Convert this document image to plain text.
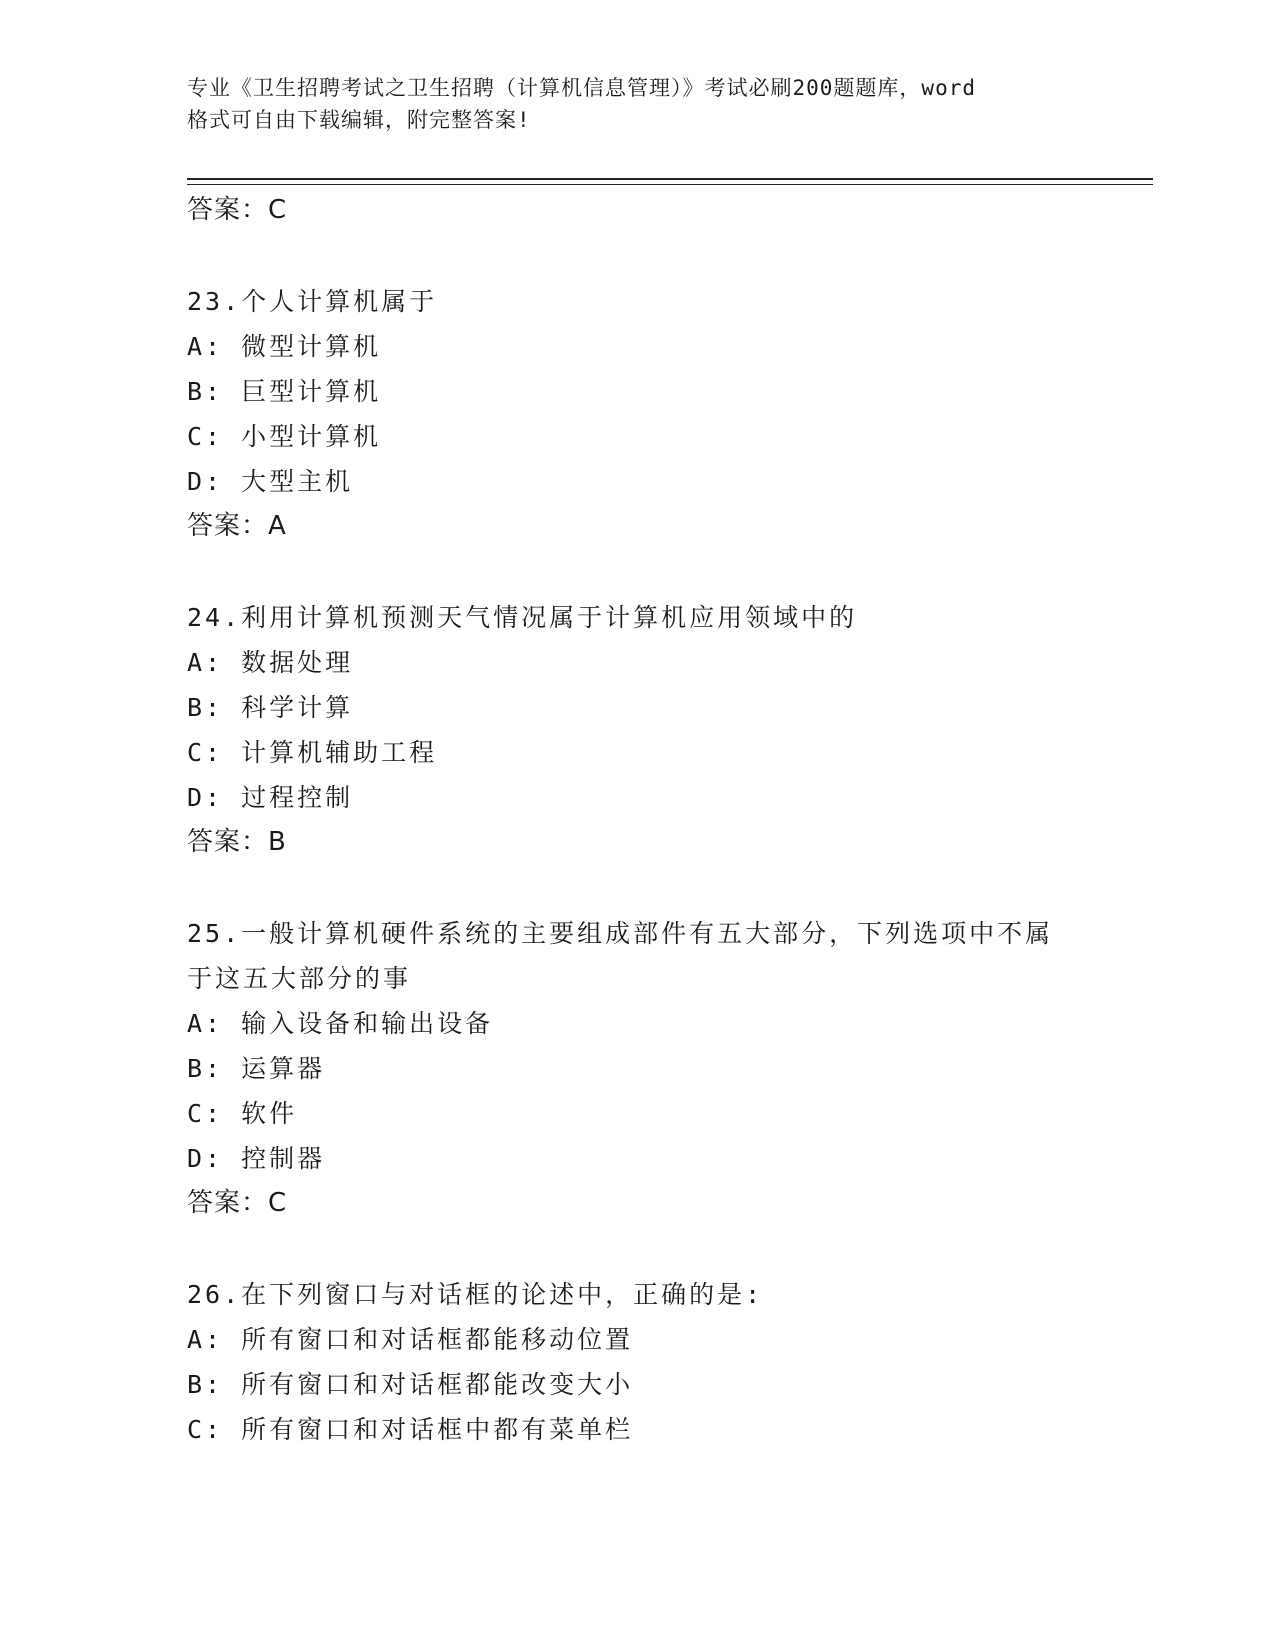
专业《卫生招聘考试之卫生招聘（计算机信息管理）》考试必刷200题题库，word
格式可自由下载编辑，附完整答案!
答案：C
23.个人计算机属于
A: 微型计算机
B: 巨型计算机
C: 小型计算机
D: 大型主机
答案：A
24.利用计算机预测天气情况属于计算机应用领域中的
A: 数据处理
B: 科学计算
C: 计算机辅助工程
D: 过程控制
答案：B
25.一般计算机硬件系统的主要组成部件有五大部分，下列选项中不属
于这五大部分的事
A: 输入设备和输出设备
B: 运算器
C: 软件
D: 控制器
答案：C
26.在下列窗口与对话框的论述中，正确的是:
A: 所有窗口和对话框都能移动位置
B: 所有窗口和对话框都能改变大小
C: 所有窗口和对话框中都有菜单栏
